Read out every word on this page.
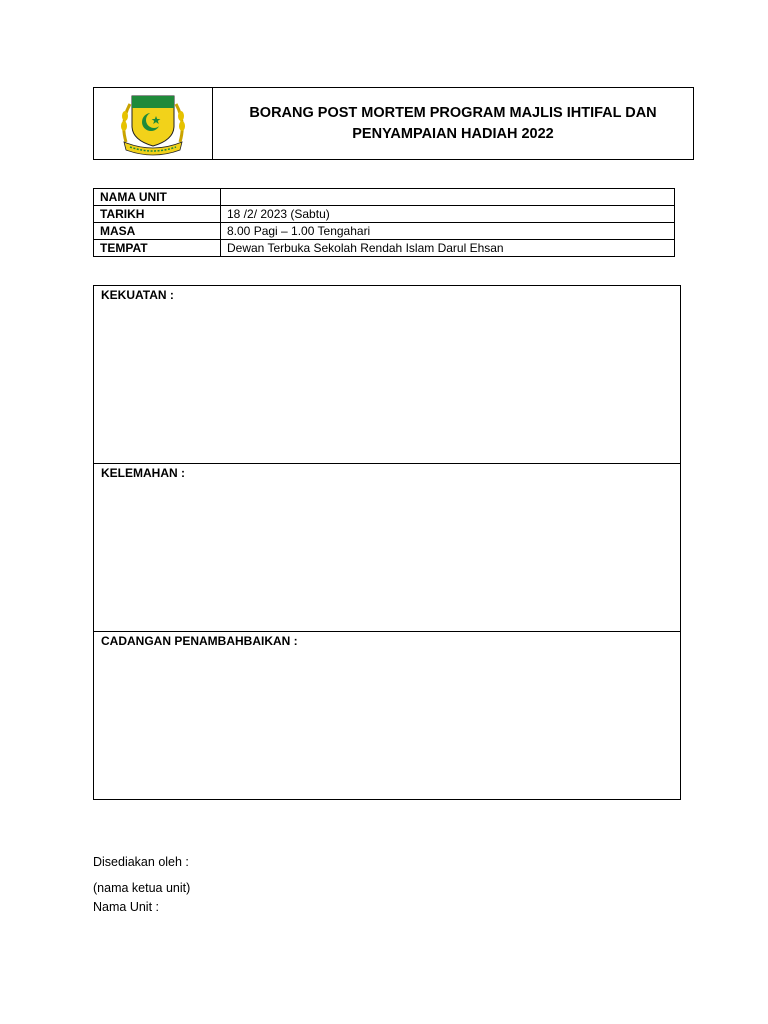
BORANG POST MORTEM PROGRAM MAJLIS IHTIFAL DAN
PENYAMPAIAN HADIAH 2022
NAMA UNIT	
TARIKH	18 /2/ 2023 (Sabtu)
MASA	8.00 Pagi – 1.00 Tengahari
TEMPAT	Dewan Terbuka Sekolah Rendah Islam Darul Ehsan
KEKUATAN :
KELEMAHAN :
CADANGAN PENAMBAHBAIKAN :
Disediakan oleh :
(nama ketua unit)
Nama Unit :
